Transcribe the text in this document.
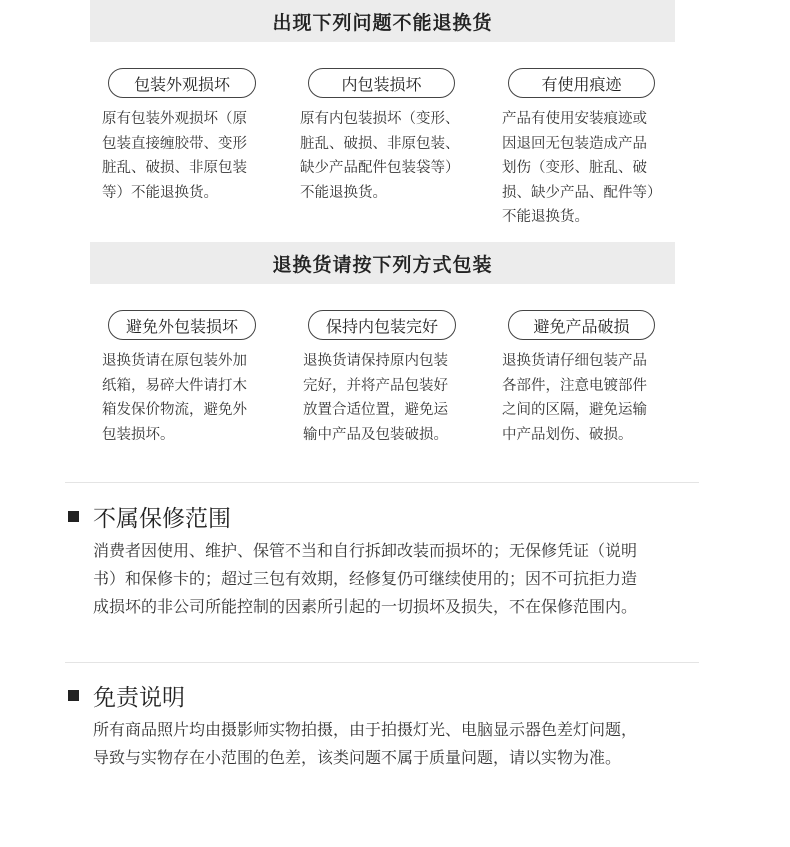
出现下列问题不能退换货
包装外观损坏	内包装损坏	有使用痕迹
原有包装外观损坏（原
包装直接缠胶带、变形
脏乱、破损、非原包装
等）不能退换货。
原有内包装损坏（变形、
脏乱、破损、非原包装、
缺少产品配件包装袋等）
不能退换货。
产品有使用安装痕迹或
因退回无包装造成产品
划伤（变形、脏乱、破
损、缺少产品、配件等）
不能退换货。
退换货请按下列方式包装
避免外包装损坏	保持内包装完好	避免产品破损
退换货请在原包装外加
纸箱，易碎大件请打木
箱发保价物流，避免外
包装损坏。
退换货请保持原内包装
完好，并将产品包装好
放置合适位置，避免运
输中产品及包装破损。
退换货请仔细包装产品
各部件，注意电镀部件
之间的区隔，避免运输
中产品划伤、破损。
不属保修范围
消费者因使用、维护、保管不当和自行拆卸改装而损坏的；无保修凭证（说明
书）和保修卡的；超过三包有效期，经修复仍可继续使用的；因不可抗拒力造
成损坏的非公司所能控制的因素所引起的一切损坏及损失，不在保修范围内。
免责说明
所有商品照片均由摄影师实物拍摄，由于拍摄灯光、电脑显示器色差灯问题，
导致与实物存在小范围的色差，该类问题不属于质量问题，请以实物为准。
